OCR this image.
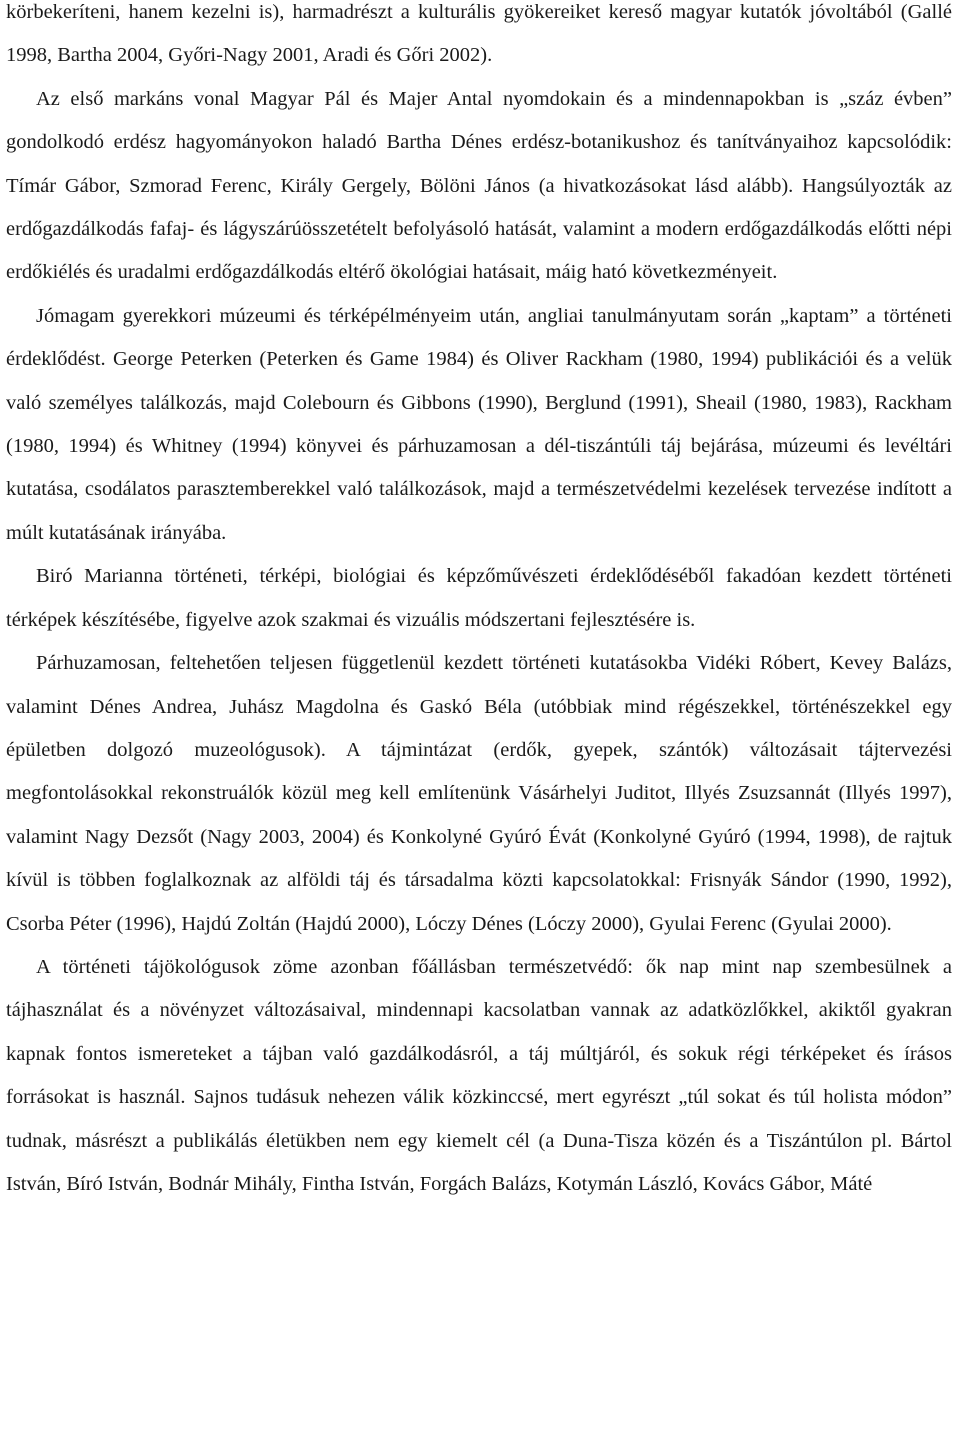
körbekeríteni, hanem kezelni is), harmadrészt a kulturális gyökereiket kereső magyar kutatók jóvoltából (Gallé 1998, Bartha 2004, Győri-Nagy 2001, Aradi és Gőri 2002).

Az első markáns vonal Magyar Pál és Majer Antal nyomdokain és a mindennapokban is „száz évben” gondolkodó erdész hagyományokon haladó Bartha Dénes erdész-botanikushoz és tanítványaihoz kapcsolódik: Tímár Gábor, Szmorad Ferenc, Király Gergely, Bölöni János (a hivatkozásokat lásd alább). Hangsúlyozták az erdőgazdálkodás fafaj- és lágyszárúösszetételt befolyásoló hatását, valamint a modern erdőgazdálkodás előtti népi erdőkiélés és uradalmi erdőgazdálkodás eltérő ökológiai hatásait, máig ható következményeit.

Jómagam gyerekkori múzeumi és térképélményeim után, angliai tanulmányutam során „kaptam” a történeti érdeklődést. George Peterken (Peterken és Game 1984) és Oliver Rackham (1980, 1994) publikációi és a velük való személyes találkozás, majd Colebourn és Gibbons (1990), Berglund (1991), Sheail (1980, 1983), Rackham (1980, 1994) és Whitney (1994) könyvei és párhuzamosan a dél-tiszántúli táj bejárása, múzeumi és levéltári kutatása, csodálatos parasztemberekkel való találkozások, majd a természetvédelmi kezelések tervezése indított a múlt kutatásának irányába.

Biró Marianna történeti, térképi, biológiai és képzőművészeti érdeklődéséből fakadóan kezdett történeti térképek készítésébe, figyelve azok szakmai és vizuális módszertani fejlesztésére is.

Párhuzamosan, feltehetően teljesen függetlenül kezdett történeti kutatásokba Vidéki Róbert, Kevey Balázs, valamint Dénes Andrea, Juhász Magdolna és Gaskó Béla (utóbbiak mind régészekkel, történészekkel egy épületben dolgozó muzeológusok). A tájmintázat (erdők, gyepek, szántók) változásait tájtervezési megfontolásokkal rekonstruálók közül meg kell említenünk Vásárhelyi Juditot, Illyés Zsuzsannát (Illyés 1997), valamint Nagy Dezsőt (Nagy 2003, 2004) és Konkolyné Gyúró Évát (Konkolyné Gyúró (1994, 1998), de rajtuk kívül is többen foglalkoznak az alföldi táj és társadalma közti kapcsolatokkal: Frisnyák Sándor (1990, 1992), Csorba Péter (1996), Hajdú Zoltán (Hajdú 2000), Lóczy Dénes (Lóczy 2000), Gyulai Ferenc (Gyulai 2000).

A történeti tájökológusok zöme azonban főállásban természetvédő: ők nap mint nap szembesülnek a tájhasználat és a növényzet változásaival, mindennapi kacsolatban vannak az adatközlőkkel, akiktől gyakran kapnak fontos ismereteket a tájban való gazdálkodásról, a táj múltjáról, és sokuk régi térképeket és írásos forrásokat is használ. Sajnos tudásuk nehezen válik közkinccsé, mert egyrészt „túl sokat és túl holista módon” tudnak, másrészt a publikálás életükben nem egy kiemelt cél (a Duna-Tisza közén és a Tiszántúlon pl. Bártol István, Bíró István, Bodnár Mihály, Fintha István, Forgách Balázs, Kotymán László, Kovács Gábor, Máté
